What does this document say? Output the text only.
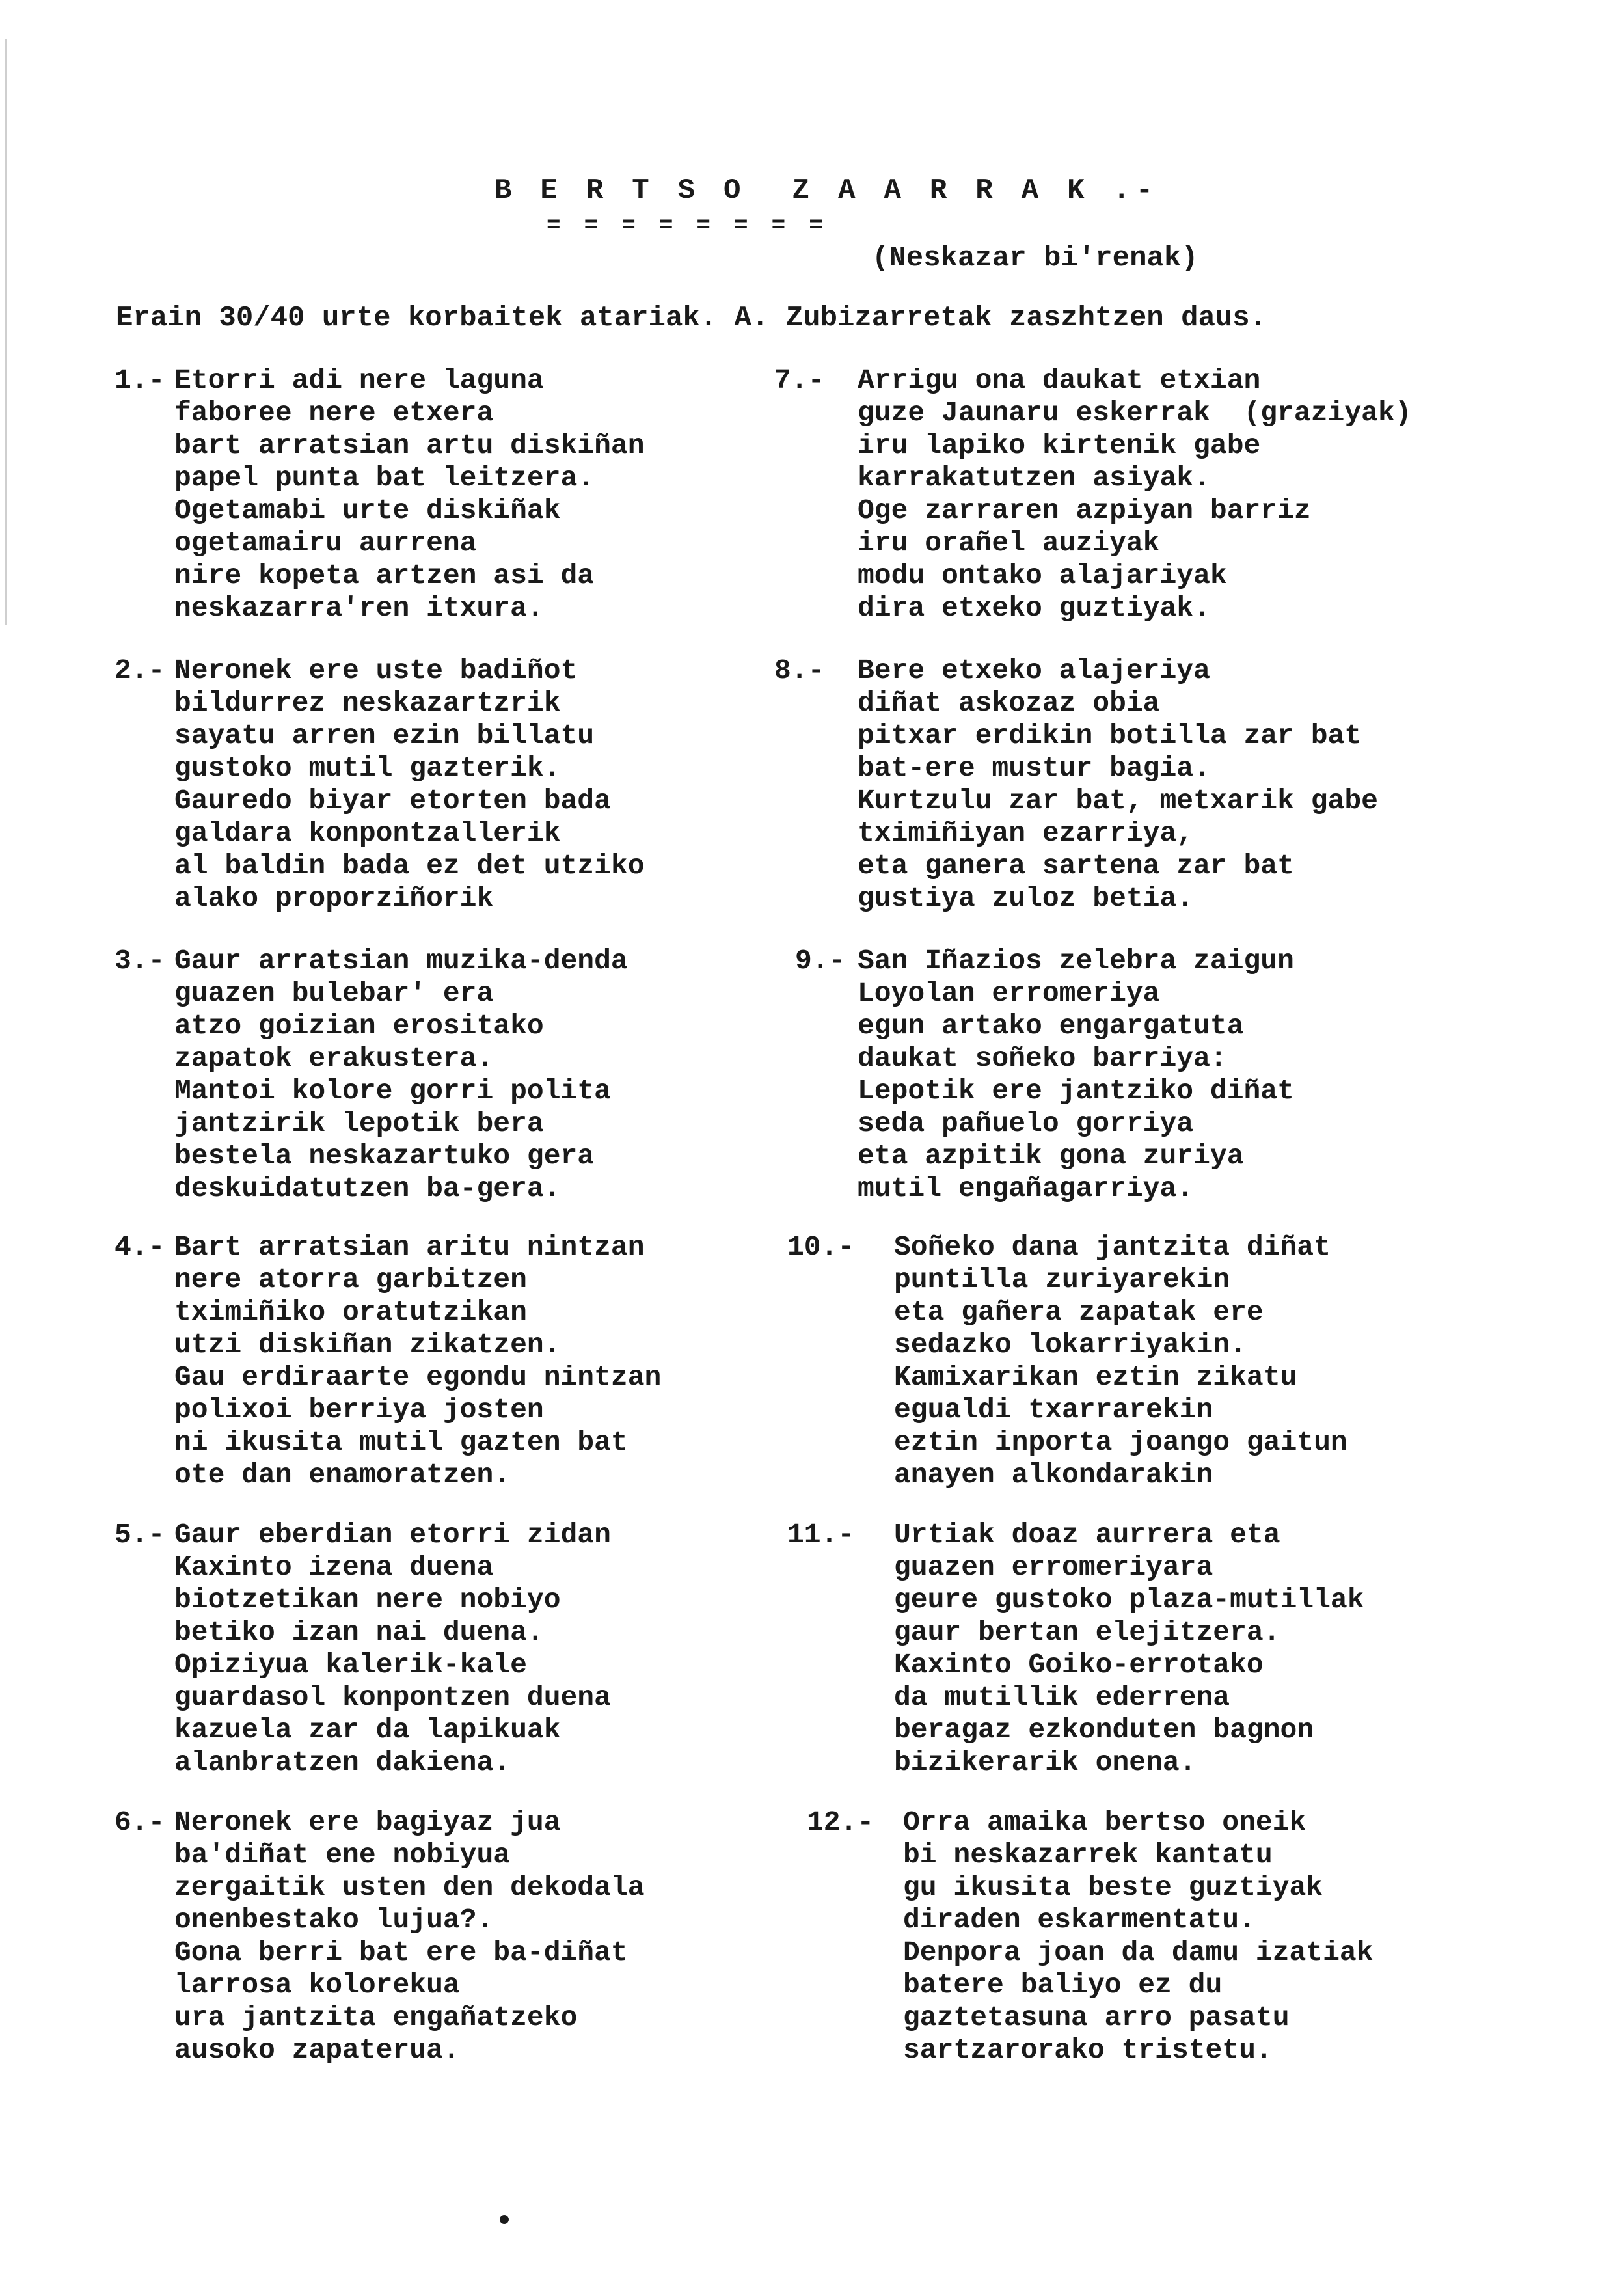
B E R T S O  Z A A R R A K .-
= = = = = = = =
(Neskazar bi'renak)
Erain 30/40 urte korbaitek atariak. A. Zubizarretak zaszhtzen daus.
1.- Etorri adi nere laguna
faboree nere etxera
bart arratsian artu diskiñan
papel punta bat leitzera.
Ogetamabi urte diskiñak
ogetamairu aurrena
nire kopeta artzen asi da
neskazarra'ren itxura.
2.- Neronek ere uste badiñot
bildurrez neskazartzrik
sayatu arren ezin billatu
gustoko mutil gazterik.
Gauredo biyar etorten bada
galdara konpontzallerik
al baldin bada ez det utziko
alako proporziñorik
3.- Gaur arratsian muzika-denda
guazen bulebar' era
atzo goizian erositako
zapatok erakustera.
Mantoi kolore gorri polita
jantzirik lepotik bera
bestela neskazartuko gera
deskuidatutzen ba-gera.
4.- Bart arratsian aritu nintzan
nere atorra garbitzen
tximiñiko oratutzikan
utzi diskiñan zikatzen.
Gau erdiraarte egondu nintzan
polixoi berriya josten
ni ikusita mutil gazten bat
ote dan enamoratzen.
5.- Gaur eberdian etorri zidan
Kaxinto izena duena
biotzetikan nere nobiyo
betiko izan nai duena.
Opiziyua kalerik-kale
guardasol konpontzen duena
kazuela zar da lapikuak
alanbratzen dakiena.
6.- Neronek ere bagiyaz jua
ba'diñat ene nobiyua
zergaitik usten den dekodala
onenbestako lujua?.
Gona berri bat ere ba-diñat
larrosa kolorekua
ura jantzita engañatzeko
ausoko zapaterua.
7.- Arrigu ona daukat etxian
guze Jaunaru eskerrak  (graziyak)
iru lapiko kirtenik gabe
karrakatutzen asiyak.
Oge zarraren azpiyan barriz
iru orañel auziyak
modu ontako alajariyak
dira etxeko guztiyak.
8.- Bere etxeko alajeriya
diñat askozaz obia
pitxar erdikin botilla zar bat
bat-ere mustur bagia.
Kurtzulu zar bat, metxarik gabe
tximiñiyan ezarriya,
eta ganera sartena zar bat
gustiya zuloz betia.
9.- San Iñazios zelebra zaigun
Loyolan erromeriya
egun artako engargatuta
daukat soñeko barriya:
Lepotik ere jantziko diñat
seda pañuelo gorriya
eta azpitik gona zuriya
mutil engañagarriya.
10.- Soñeko dana jantzita diñat
puntilla zuriyarekin
eta gañera zapatak ere
sedazko lokarriyakin.
Kamixarikan eztin zikatu
egualdi txarrarekin
eztin inporta joango gaitun
anayen alkondarakin
11.- Urtiak doaz aurrera eta
guazen erromeriyara
geure gustoko plaza-mutillak
gaur bertan elejitzera.
Kaxinto Goiko-errotako
da mutillik ederrena
beragaz ezkonduten bagnon
bizikerarik onena.
12.- Orra amaika bertso oneik
bi neskazarrek kantatu
gu ikusita beste guztiyak
diraden eskarmentatu.
Denpora joan da damu izatiak
batere baliyo ez du
gaztetasuna arro pasatu
sartzarorako tristetu.
